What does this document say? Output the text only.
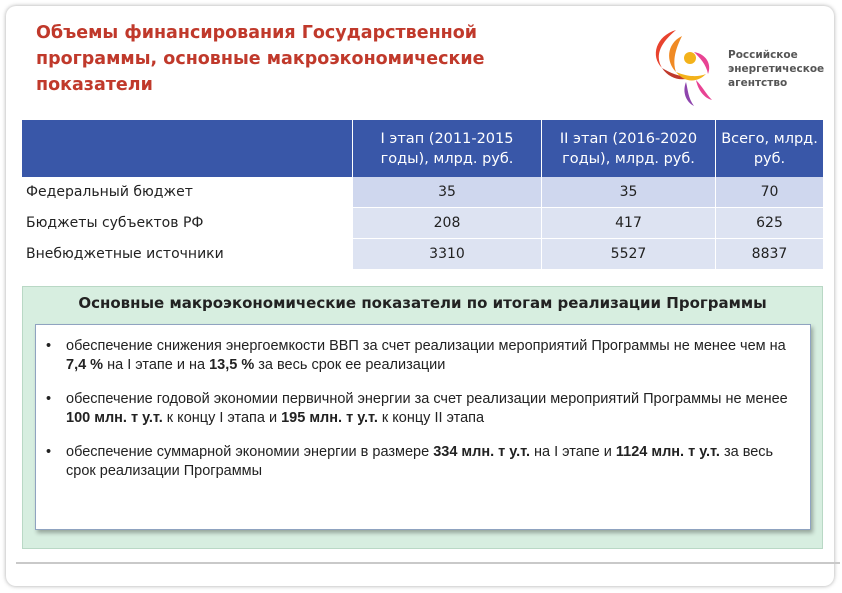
Объемы финансирования Государственной программы, основные макроэкономические показатели
Российское
энергетическое
агентство
	I этап (2011-2015 годы), млрд. руб.	II этап (2016-2020 годы), млрд. руб.	Всего, млрд. руб.
Федеральный бюджет	35	35	70
Бюджеты субъектов РФ	208	417	625
Внебюджетные источники	3310	5527	8837
Основные макроэкономические показатели по итогам реализации Программы
• обеспечение снижения энергоемкости ВВП за счет реализации мероприятий Программы не менее чем на 7,4 % на I этапе и на 13,5 % за весь срок ее реализации
• обеспечение годовой экономии первичной энергии за счет реализации мероприятий Программы не менее 100 млн. т у.т. к концу I этапа и 195 млн. т у.т. к концу II этапа
• обеспечение суммарной экономии энергии в размере 334 млн. т у.т. на I этапе и 1124 млн. т у.т. за весь срок реализации Программы
